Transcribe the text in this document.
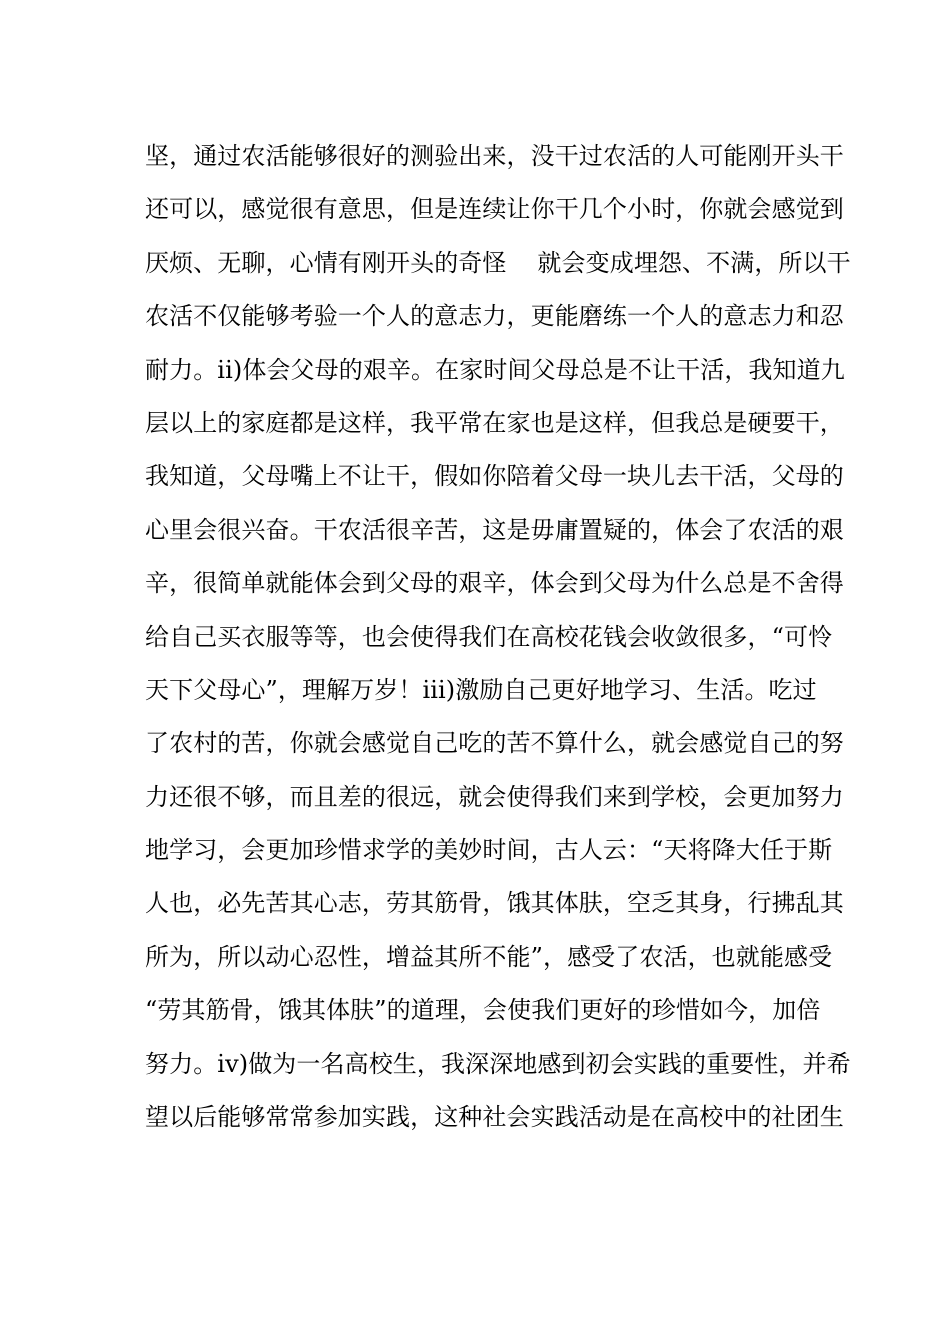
坚，通过农活能够很好的测验出来，没干过农活的人可能刚开头干
还可以，感觉很有意思，但是连续让你干几个小时，你就会感觉到
厌烦、无聊，心情有刚开头的奇怪    就会变成埋怨、不满，所以干
农活不仅能够考验一个人的意志力，更能磨练一个人的意志力和忍
耐力。ii)体会父母的艰辛。在家时间父母总是不让干活，我知道九
层以上的家庭都是这样，我平常在家也是这样，但我总是硬要干，
我知道，父母嘴上不让干，假如你陪着父母一块儿去干活，父母的
心里会很兴奋。干农活很辛苦，这是毋庸置疑的，体会了农活的艰
辛，很简单就能体会到父母的艰辛，体会到父母为什么总是不舍得
给自己买衣服等等，也会使得我们在高校花钱会收敛很多，“可怜
天下父母心”，理解万岁！iii)激励自己更好地学习、生活。吃过
了农村的苦，你就会感觉自己吃的苦不算什么，就会感觉自己的努
力还很不够，而且差的很远，就会使得我们来到学校，会更加努力
地学习，会更加珍惜求学的美妙时间，古人云：“天将降大任于斯
人也，必先苦其心志，劳其筋骨，饿其体肤，空乏其身，行拂乱其
所为，所以动心忍性，增益其所不能”，感受了农活，也就能感受
“劳其筋骨，饿其体肤”的道理，会使我们更好的珍惜如今，加倍
努力。iv)做为一名高校生，我深深地感到初会实践的重要性，并希
望以后能够常常参加实践，这种社会实践活动是在高校中的社团生
